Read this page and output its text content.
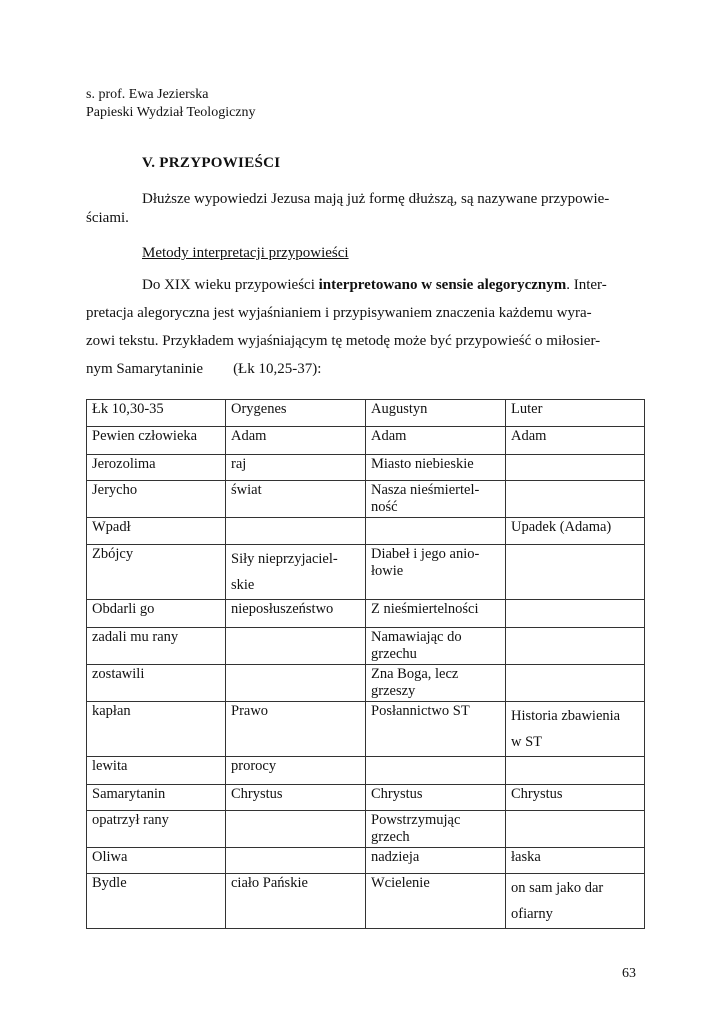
s. prof. Ewa Jezierska
Papieski Wydział Teologiczny
V. PRZYPOWIEŚCI
Dłuższe wypowiedzi Jezusa mają już formę dłuższą, są nazywane przypowie-
ściami.
Metody interpretacji przypowieści
Do XIX wieku przypowieści interpretowano w sensie alegorycznym. Inter-
pretacja alegoryczna jest wyjaśnianiem i przypisywaniem znaczenia każdemu wyra-
zowi tekstu. Przykładem wyjaśniającym tę metodę może być przypowieść o miłosier-
nym Samarytaninie (Łk 10,25-37):
Łk 10,30-35	Orygenes	Augustyn	Luter
Pewien człowieka	Adam	Adam	Adam
Jerozolima	raj	Miasto niebieskie	
Jerycho	świat	Nasza nieśmiertel-
ność	
Wpadł			Upadek (Adama)
Zbójcy	Siły nieprzyjaciel-
skie	Diabeł i jego anio-
łowie	
Obdarli go	nieposłuszeństwo	Z nieśmiertelności	
zadali mu rany		Namawiając do
grzechu	
zostawili		Zna Boga, lecz
grzeszy	
kapłan	Prawo	Posłannictwo ST	Historia zbawienia
w ST
lewita	prorocy		
Samarytanin	Chrystus	Chrystus	Chrystus
opatrzył rany		Powstrzymując
grzech	
Oliwa		nadzieja	łaska
Bydle	ciało Pańskie	Wcielenie	on sam jako dar
ofiarny
63
